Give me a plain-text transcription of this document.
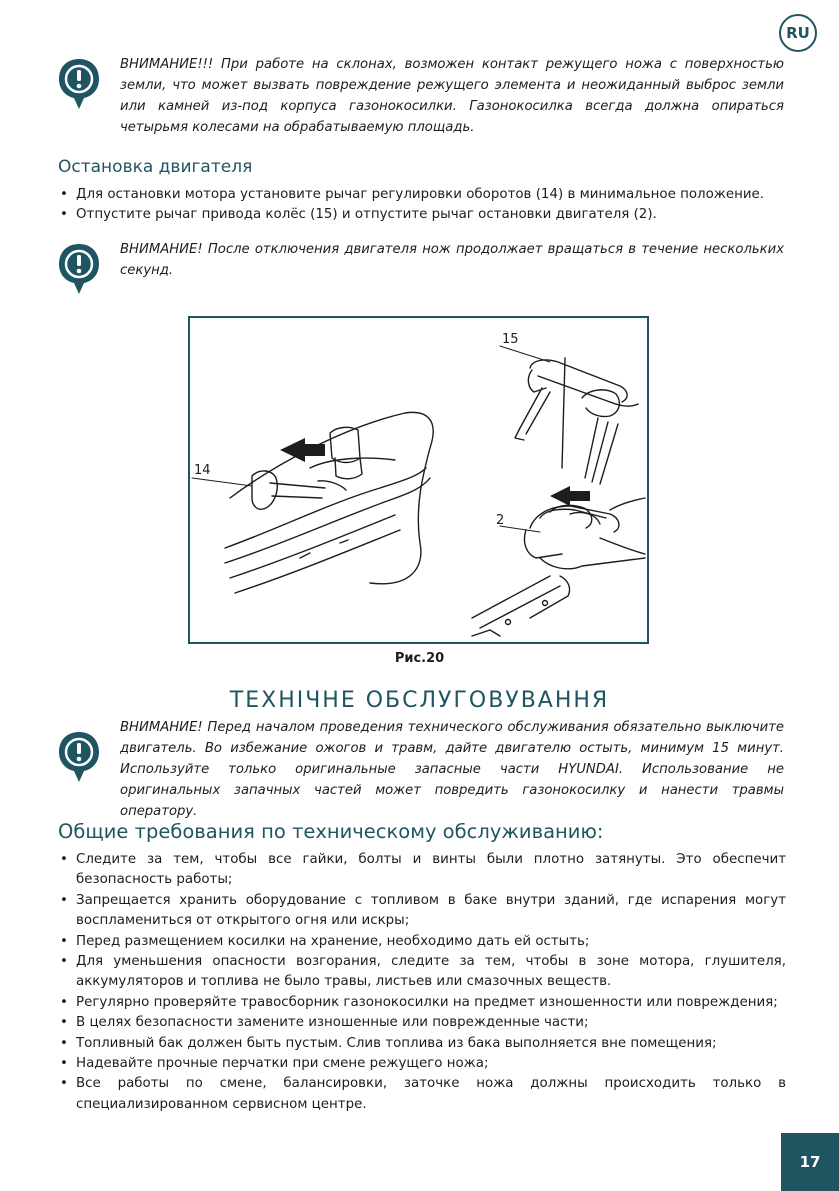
RU
ВНИМАНИЕ!!! При работе на склонах, возможен контакт режущего ножа с поверхностью земли, что может вызвать повреждение режущего элемента и неожиданный выброс земли или камней из-под корпуса газонокосилки. Газонокосилка всегда должна опираться четырьмя колесами на обрабатываемую площадь.
Остановка двигателя
• Для остановки мотора установите рычаг регулировки оборотов (14) в минимальное положение.
• Отпустите рычаг привода колёс (15) и отпустите рычаг остановки двигателя (2).
ВНИМАНИЕ! После отключения двигателя нож продолжает вращаться в течение нескольких секунд.
14
15
2
Рис.20
ТЕХНІЧНЕ ОБСЛУГОВУВАННЯ
ВНИМАНИЕ! Перед началом проведения технического обслуживания обязательно выключите двигатель. Во избежание ожогов и травм, дайте двигателю остыть, минимум 15 минут. Используйте только оригинальные запасные части HYUNDAI. Использование не оригинальных запачных частей может повредить газонокосилку и нанести травмы оператору.
Общие требования по техническому обслуживанию:
• Следите за тем, чтобы все гайки, болты и винты были плотно затянуты. Это обеспечит безопасность работы;
• Запрещается хранить оборудование с топливом в баке внутри зданий, где испарения могут воспламениться от открытого огня или искры;
• Перед размещением косилки на хранение, необходимо дать ей остыть;
• Для уменьшения опасности возгорания, следите за тем, чтобы в зоне мотора, глушителя, аккумуляторов и топлива не было травы, листьев или смазочных веществ.
• Регулярно проверяйте травосборник газонокосилки на предмет изношенности или повреждения;
• В целях безопасности замените изношенные или поврежденные части;
• Топливный бак должен быть пустым. Слив топлива из бака выполняется вне помещения;
• Надевайте прочные перчатки при смене режущего ножа;
• Все работы по смене, балансировки, заточке ножа должны происходить только в специализированном сервисном центре.
17
